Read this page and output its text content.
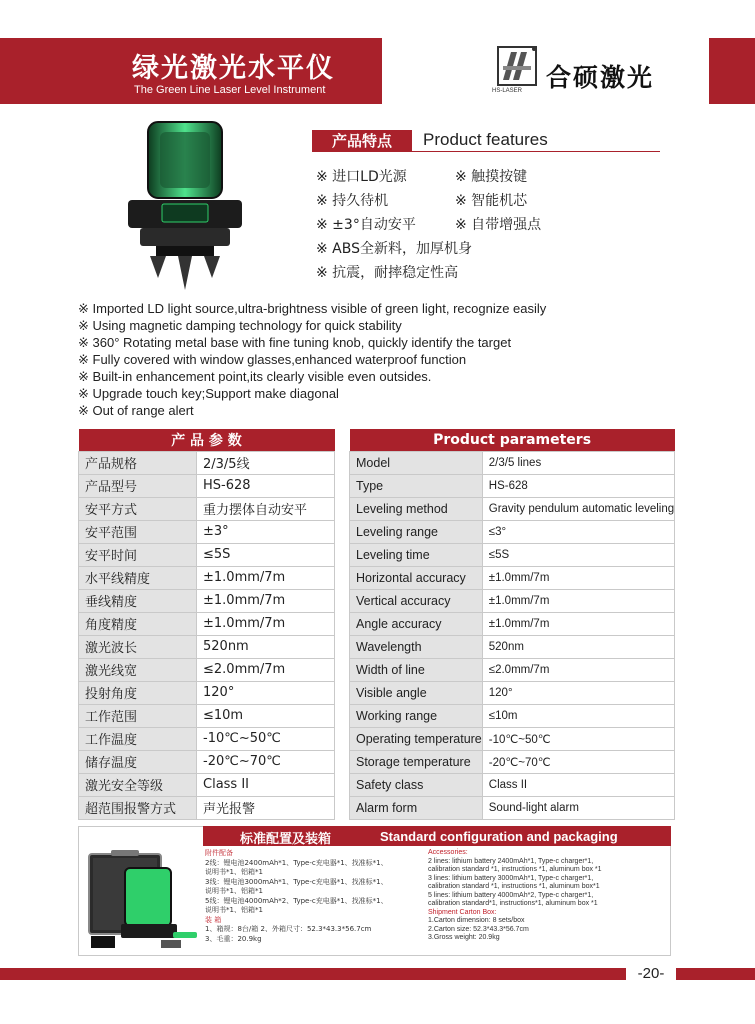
绿光激光水平仪
The Green Line Laser Level Instrument	HS-LASER 合硕激光
产品特点	Product features
※ 进口LD光源	※ 触摸按键
※ 持久待机	※ 智能机芯
※ ±3°自动安平	※ 自带增强点
※ ABS全新料，加厚机身
※ 抗震，耐摔稳定性高
※ Imported LD light source,ultra-brightness visible of green light, recognize easily
※ Using magnetic damping technology for quick stability
※ 360° Rotating metal base with fine tuning knob, quickly identify the target
※ Fully covered with window glasses,enhanced waterproof function
※ Built-in enhancement point,its clearly visible even outsides.
※ Upgrade touch key;Support make diagonal
※ Out of range alert
产 品 参 数	
产品规格	2/3/5线
产品型号	HS-628
安平方式	重力摆体自动安平
安平范围	±3°
安平时间	≤5S
水平线精度	±1.0mm/7m
垂线精度	±1.0mm/7m
角度精度	±1.0mm/7m
激光波长	520nm
激光线宽	≤2.0mm/7m
投射角度	120°
工作范围	≤10m
工作温度	-10℃~50℃
储存温度	-20℃~70℃
激光安全等级	Class II
超范围报警方式	声光报警
Product parameters	
Model	2/3/5 lines
Type	HS-628
Leveling method	Gravity pendulum automatic leveling
Leveling range	≤3°
Leveling time	≤5S
Horizontal accuracy	±1.0mm/7m
Vertical accuracy	±1.0mm/7m
Angle accuracy	±1.0mm/7m
Wavelength	520nm
Width of line	≤2.0mm/7m
Visible angle	120°
Working range	≤10m
Operating temperature	-10℃~50℃
Storage temperature	-20℃~70℃
Safety class	Class II
Alarm form	Sound-light alarm
标准配置及装箱	Standard configuration and packaging
附件配备
2线：锂电池2400mAh*1、Type-c充电器*1、找准标*1、
说明书*1、铝箱*1
3线：锂电池3000mAh*1、Type-c充电器*1、找准标*1、
说明书*1、铝箱*1
5线：锂电池4000mAh*2、Type-c充电器*1、找准标*1、
说明书*1、铝箱*1
装 箱
1、箱规：8台/箱 2、外箱尺寸：52.3*43.3*56.7cm
3、毛重：20.9kg
Accessories:
2 lines: lithium battery 2400mAh*1, Type-c charger*1,
calibration standard *1, instructions *1, aluminum box *1
3 lines: lithium battery 3000mAh*1, Type-c charger*1,
calibration standard *1, instructions *1, aluminum box*1
5 lines: lithium battery 4000mAh*2, Type-c charger*1,
calibration standard*1, instructions*1, aluminum box *1
Shipment Carton Box:
1.Carton dimension: 8 sets/box
2.Carton size: 52.3*43.3*56.7cm
3.Gross weight: 20.9kg
-20-
